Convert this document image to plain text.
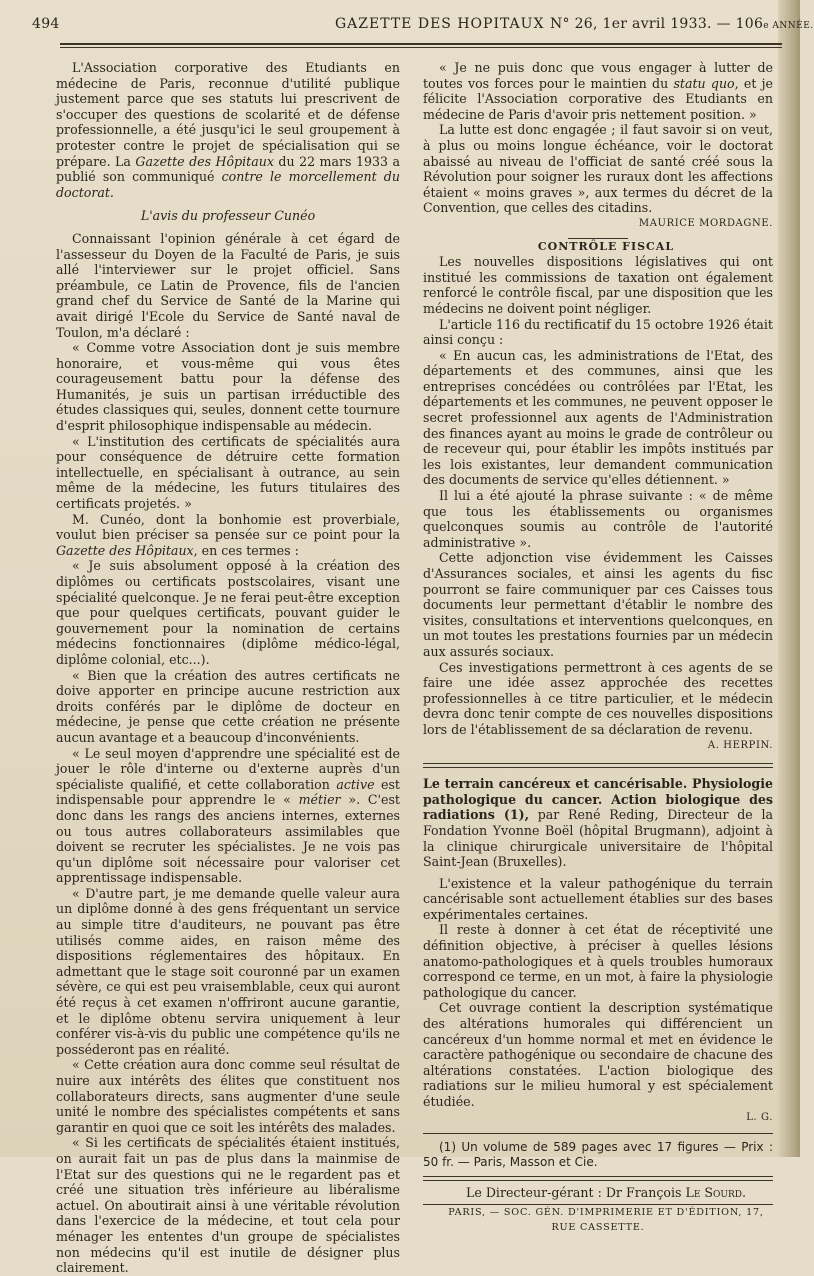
494	GAZETTE DES HOPITAUX N° 26, 1er avril 1933. — 106e ANNÉE.

L'Association corporative des Etudiants en médecine de Paris, reconnue d'utilité publique justement parce que ses statuts lui prescrivent de s'occuper des questions de scolarité et de défense professionnelle, a été jusqu'ici le seul groupement à protester contre le projet de spécialisation qui se prépare. La Gazette des Hôpitaux du 22 mars 1933 a publié son communiqué contre le morcellement du doctorat.

L'avis du professeur Cunéo

Connaissant l'opinion générale à cet égard de l'assesseur du Doyen de la Faculté de Paris, je suis allé l'interviewer sur le projet officiel. Sans préambule, ce Latin de Provence, fils de l'ancien grand chef du Service de Santé de la Marine qui avait dirigé l'Ecole du Service de Santé naval de Toulon, m'a déclaré :

« Comme votre Association dont je suis membre honoraire, et vous-même qui vous êtes courageusement battu pour la défense des Humanités, je suis un partisan irréductible des études classiques qui, seules, donnent cette tournure d'esprit philosophique indispensable au médecin.

« L'institution des certificats de spécialités aura pour conséquence de détruire cette formation intellectuelle, en spécialisant à outrance, au sein même de la médecine, les futurs titulaires des certificats projetés. »

M. Cunéo, dont la bonhomie est proverbiale, voulut bien préciser sa pensée sur ce point pour la Gazette des Hôpitaux, en ces termes :

« Je suis absolument opposé à la création des diplômes ou certificats postscolaires, visant une spécialité quelconque. Je ne ferai peut-être exception que pour quelques certificats, pouvant guider le gouvernement pour la nomination de certains médecins fonctionnaires (diplôme médico-légal, diplôme colonial, etc...).

« Bien que la création des autres certificats ne doive apporter en principe aucune restriction aux droits conférés par le diplôme de docteur en médecine, je pense que cette création ne présente aucun avantage et a beaucoup d'inconvénients.

« Le seul moyen d'apprendre une spécialité est de jouer le rôle d'interne ou d'externe auprès d'un spécialiste qualifié, et cette collaboration active est indispensable pour apprendre le « métier ». C'est donc dans les rangs des anciens internes, externes ou tous autres collaborateurs assimilables que doivent se recruter les spécialistes. Je ne vois pas qu'un diplôme soit nécessaire pour valoriser cet apprentissage indispensable.

« D'autre part, je me demande quelle valeur aura un diplôme donné à des gens fréquentant un service au simple titre d'auditeurs, ne pouvant pas être utilisés comme aides, en raison même des dispositions réglementaires des hôpitaux. En admettant que le stage soit couronné par un examen sévère, ce qui est peu vraisemblable, ceux qui auront été reçus à cet examen n'offriront aucune garantie, et le diplôme obtenu servira uniquement à leur conférer vis-à-vis du public une compétence qu'ils ne posséderont pas en réalité.

« Cette création aura donc comme seul résultat de nuire aux intérêts des élites que constituent nos collaborateurs directs, sans augmenter d'une seule unité le nombre des spécialistes compétents et sans garantir en quoi que ce soit les intérêts des malades.

« Si les certificats de spécialités étaient institués, on aurait fait un pas de plus dans la mainmise de l'Etat sur des questions qui ne le regardent pas et créé une situation très inférieure au libéralisme actuel. On aboutirait ainsi à une véritable révolution dans l'exercice de la médecine, et tout cela pour ménager les ententes d'un groupe de spécialistes non médecins qu'il est inutile de désigner plus clairement.

« Je ne puis donc que vous engager à lutter de toutes vos forces pour le maintien du statu quo, et je félicite l'Association corporative des Etudiants en médecine de Paris d'avoir pris nettement position. »

La lutte est donc engagée ; il faut savoir si on veut, à plus ou moins longue échéance, voir le doctorat abaissé au niveau de l'officiat de santé créé sous la Révolution pour soigner les ruraux dont les affections étaient « moins graves », aux termes du décret de la Convention, que celles des citadins.

MAURICE MORDAGNE.

CONTRÔLE FISCAL

Les nouvelles dispositions législatives qui ont institué les commissions de taxation ont également renforcé le contrôle fiscal, par une disposition que les médecins ne doivent point négliger.

L'article 116 du rectificatif du 15 octobre 1926 était ainsi conçu :

« En aucun cas, les administrations de l'Etat, des départements et des communes, ainsi que les entreprises concédées ou contrôlées par l'Etat, les départements et les communes, ne peuvent opposer le secret professionnel aux agents de l'Administration des finances ayant au moins le grade de contrôleur ou de receveur qui, pour établir les impôts institués par les lois existantes, leur demandent communication des documents de service qu'elles détiennent. »

Il lui a été ajouté la phrase suivante : « de même que tous les établissements ou organismes quelconques soumis au contrôle de l'autorité administrative ».

Cette adjonction vise évidemment les Caisses d'Assurances sociales, et ainsi les agents du fisc pourront se faire communiquer par ces Caisses tous documents leur permettant d'établir le nombre des visites, consultations et interventions quelconques, en un mot toutes les prestations fournies par un médecin aux assurés sociaux.

Ces investigations permettront à ces agents de se faire une idée assez approchée des recettes professionnelles à ce titre particulier, et le médecin devra donc tenir compte de ces nouvelles dispositions lors de l'établissement de sa déclaration de revenu.

A. HERPIN.

Le terrain cancéreux et cancérisable. Physiologie pathologique du cancer. Action biologique des radiations (1), par René Reding, Directeur de la Fondation Yvonne Boël (hôpital Brugmann), adjoint à la clinique chirurgicale universitaire de l'hôpital Saint-Jean (Bruxelles).

L'existence et la valeur pathogénique du terrain cancérisable sont actuellement établies sur des bases expérimentales certaines.

Il reste à donner à cet état de réceptivité une définition objective, à préciser à quelles lésions anatomo-pathologiques et à quels troubles humoraux correspond ce terme, en un mot, à faire la physiologie pathologique du cancer.

Cet ouvrage contient la description systématique des altérations humorales qui différencient un cancéreux d'un homme normal et met en évidence le caractère pathogénique ou secondaire de chacune des altérations constatées. L'action biologique des radiations sur le milieu humoral y est spécialement étudiée.

L. G.

(1) Un volume de 589 pages avec 17 figures — Prix : 50 fr. — Paris, Masson et Cie.

Le Directeur-gérant : Dr François Le Sourd.

PARIS, — SOC. GÉN. D'IMPRIMERIE ET D'ÉDITION, 17, RUE CASSETTE.
